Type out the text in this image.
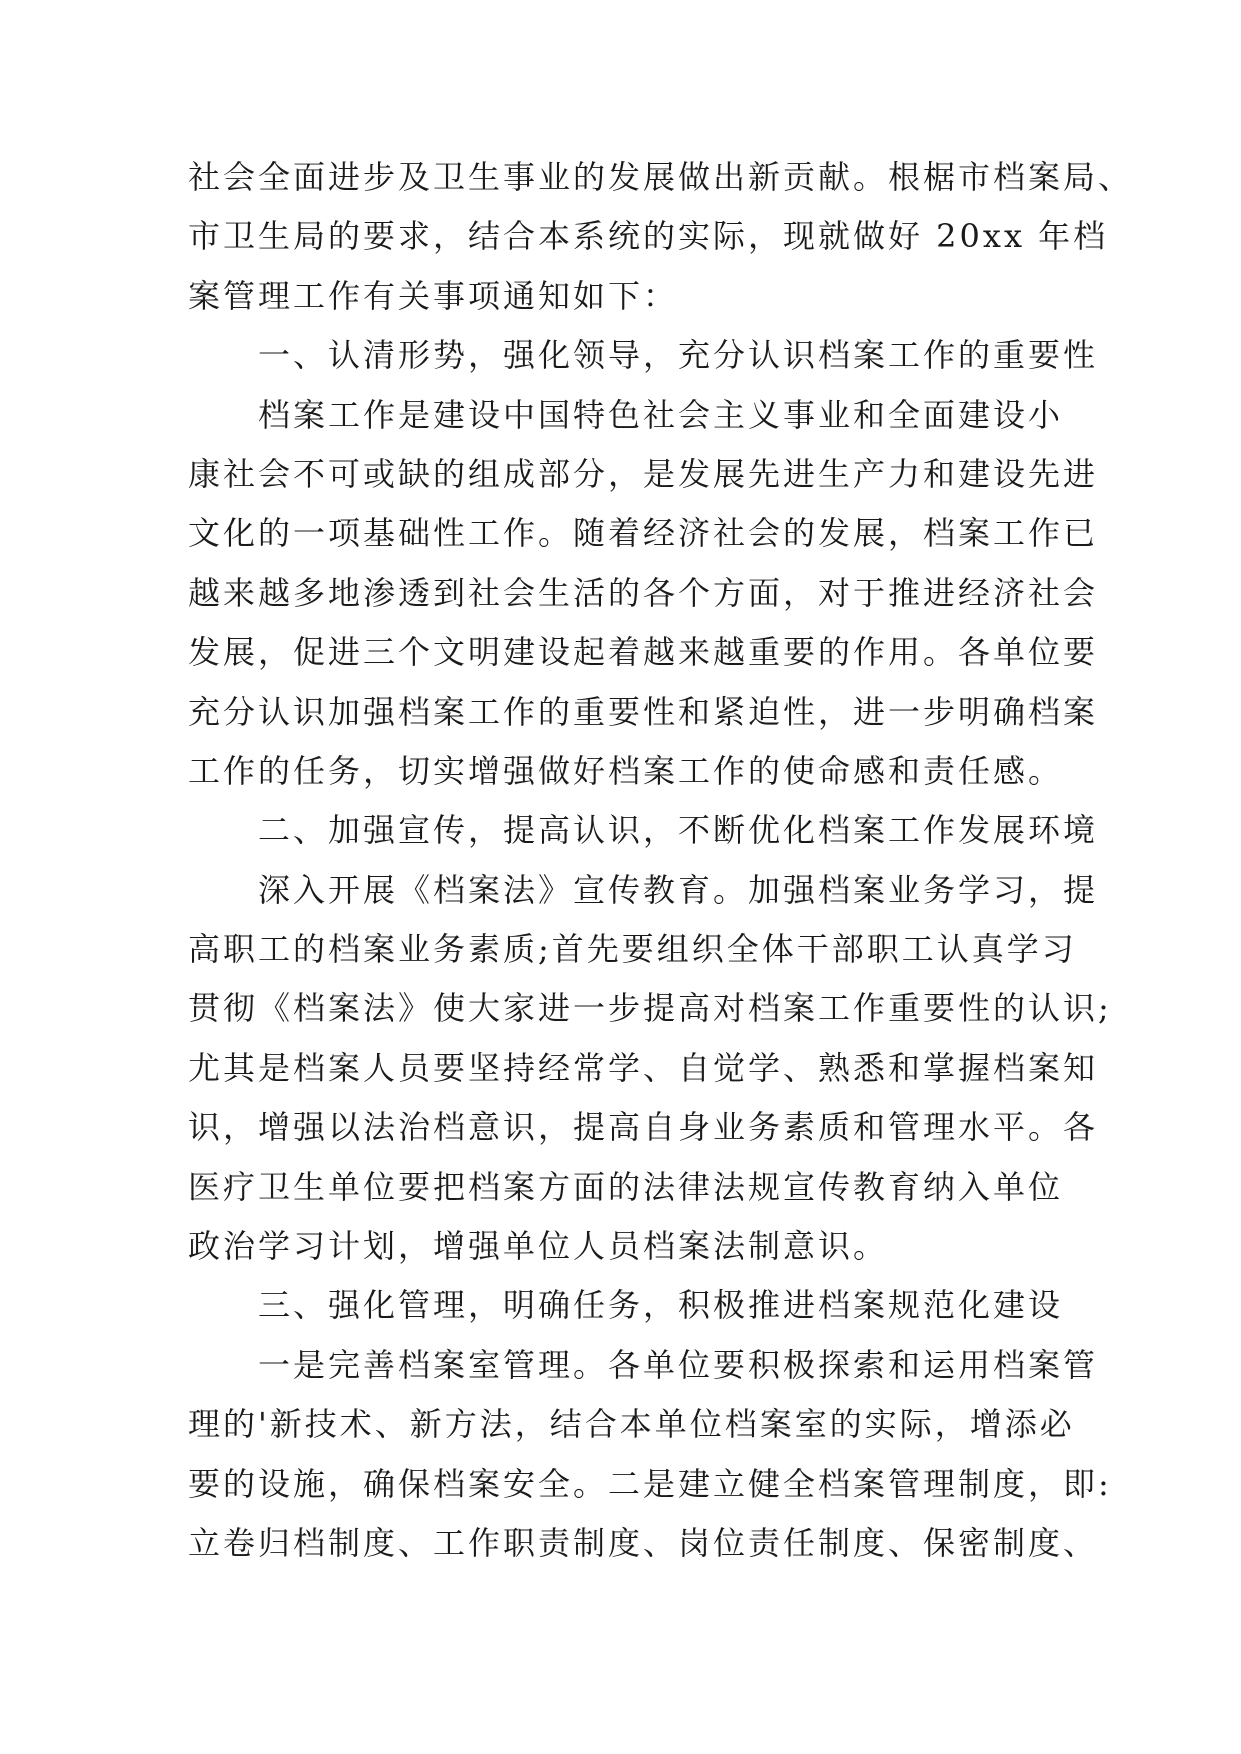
社会全面进步及卫生事业的发展做出新贡献。根椐市档案局、
市卫生局的要求，结合本系统的实际，现就做好 20xx 年档
案管理工作有关事项通知如下：
一、认清形势，强化领导，充分认识档案工作的重要性
档案工作是建设中国特色社会主义事业和全面建设小
康社会不可或缺的组成部分，是发展先进生产力和建设先进
文化的一项基础性工作。随着经济社会的发展，档案工作已
越来越多地渗透到社会生活的各个方面，对于推进经济社会
发展，促进三个文明建设起着越来越重要的作用。各单位要
充分认识加强档案工作的重要性和紧迫性，进一步明确档案
工作的任务，切实增强做好档案工作的使命感和责任感。
二、加强宣传，提高认识，不断优化档案工作发展环境
深入开展《档案法》宣传教育。加强档案业务学习，提
高职工的档案业务素质;首先要组织全体干部职工认真学习
贯彻《档案法》使大家进一步提高对档案工作重要性的认识;
尤其是档案人员要坚持经常学、自觉学、熟悉和掌握档案知
识，增强以法治档意识，提高自身业务素质和管理水平。各
医疗卫生单位要把档案方面的法律法规宣传教育纳入单位
政治学习计划，增强单位人员档案法制意识。
三、强化管理，明确任务，积极推进档案规范化建设
一是完善档案室管理。各单位要积极探索和运用档案管
理的'新技术、新方法，结合本单位档案室的实际，增添必
要的设施，确保档案安全。二是建立健全档案管理制度，即:
立卷归档制度、工作职责制度、岗位责任制度、保密制度、
